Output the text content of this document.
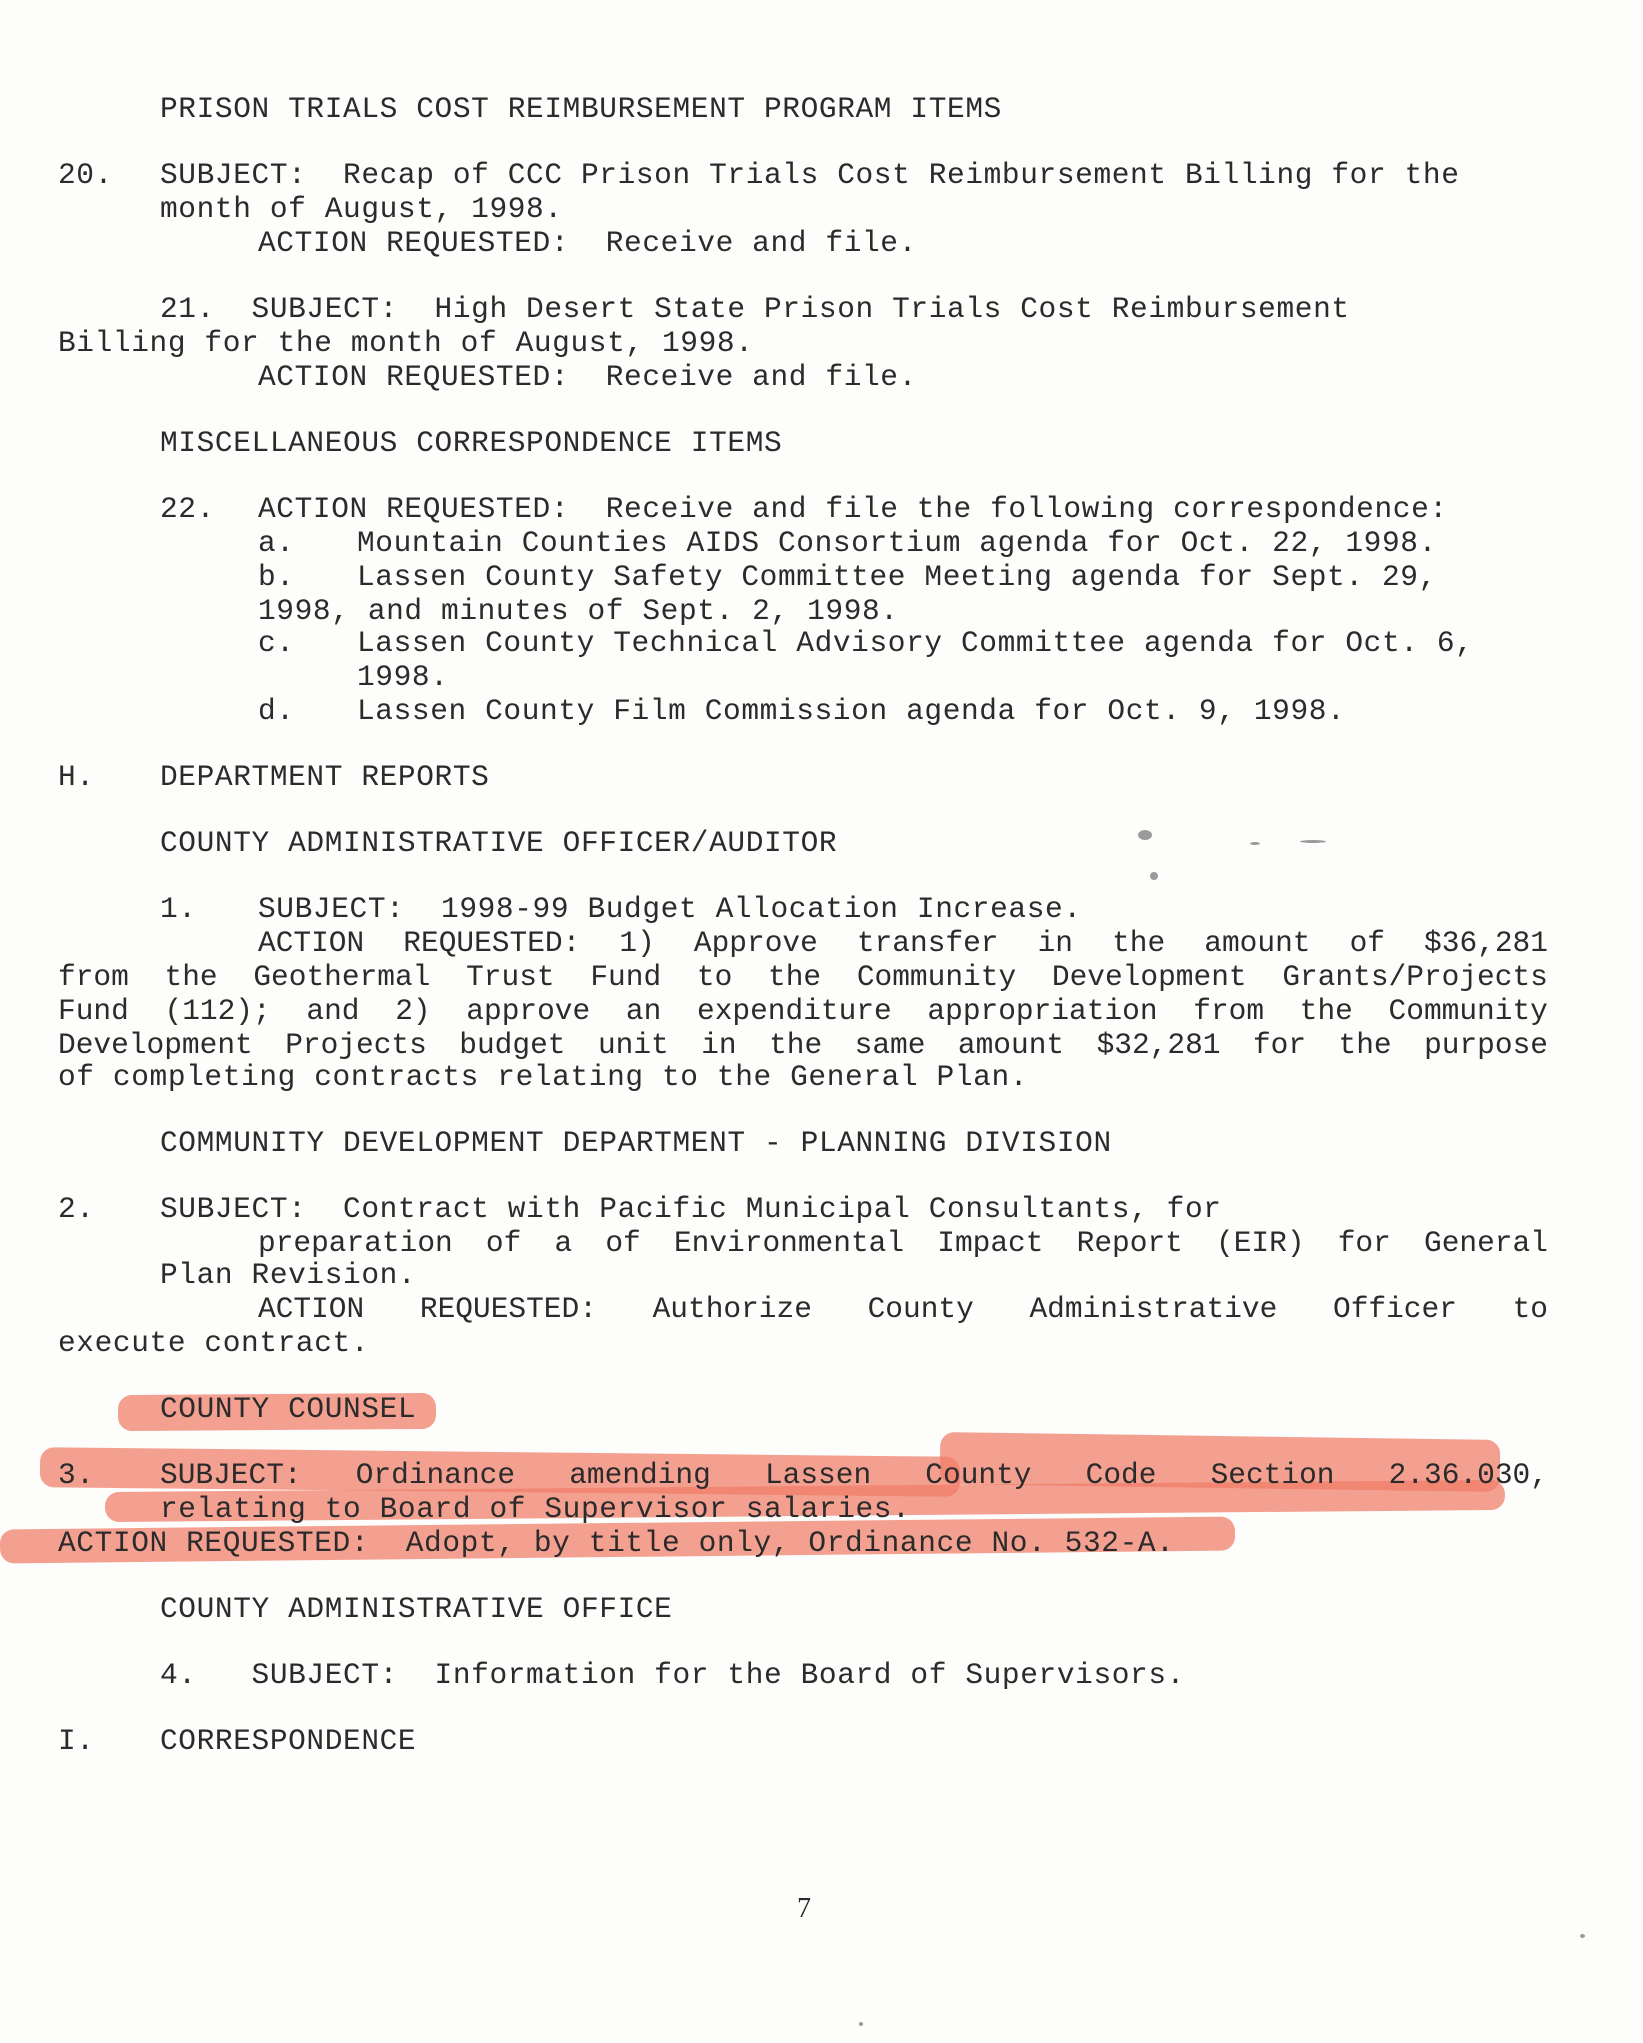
PRISON TRIALS COST REIMBURSEMENT PROGRAM ITEMS
20. SUBJECT:  Recap of CCC Prison Trials Cost Reimbursement Billing for the
month of August, 1998.
ACTION REQUESTED:  Receive and file.
21.  SUBJECT:  High Desert State Prison Trials Cost Reimbursement
Billing for the month of August, 1998.
ACTION REQUESTED:  Receive and file.
MISCELLANEOUS CORRESPONDENCE ITEMS
22. ACTION REQUESTED:  Receive and file the following correspondence:
a. Mountain Counties AIDS Consortium agenda for Oct. 22, 1998.
b. Lassen County Safety Committee Meeting agenda for Sept. 29,
1998, and minutes of Sept. 2, 1998.
c. Lassen County Technical Advisory Committee agenda for Oct. 6,
1998.
d. Lassen County Film Commission agenda for Oct. 9, 1998.
H. DEPARTMENT REPORTS
COUNTY ADMINISTRATIVE OFFICER/AUDITOR
1. SUBJECT:  1998-99 Budget Allocation Increase.
ACTION REQUESTED: 1) Approve transfer in the amount of $36,281
from the Geothermal Trust Fund to the Community Development Grants/Projects
Fund (112); and 2) approve an expenditure appropriation from the Community
Development Projects budget unit in the same amount $32,281 for the purpose
of completing contracts relating to the General Plan.
COMMUNITY DEVELOPMENT DEPARTMENT - PLANNING DIVISION
2. SUBJECT:  Contract with Pacific Municipal Consultants, for
preparation of a of Environmental Impact Report (EIR) for General
Plan Revision.
ACTION REQUESTED: Authorize County Administrative Officer to
execute contract.
COUNTY COUNSEL
3. SUBJECT: Ordinance amending Lassen County Code Section 2.36.030,
relating to Board of Supervisor salaries.
ACTION REQUESTED:  Adopt, by title only, Ordinance No. 532-A.
COUNTY ADMINISTRATIVE OFFICE
4.   SUBJECT:  Information for the Board of Supervisors.
I. CORRESPONDENCE
7
